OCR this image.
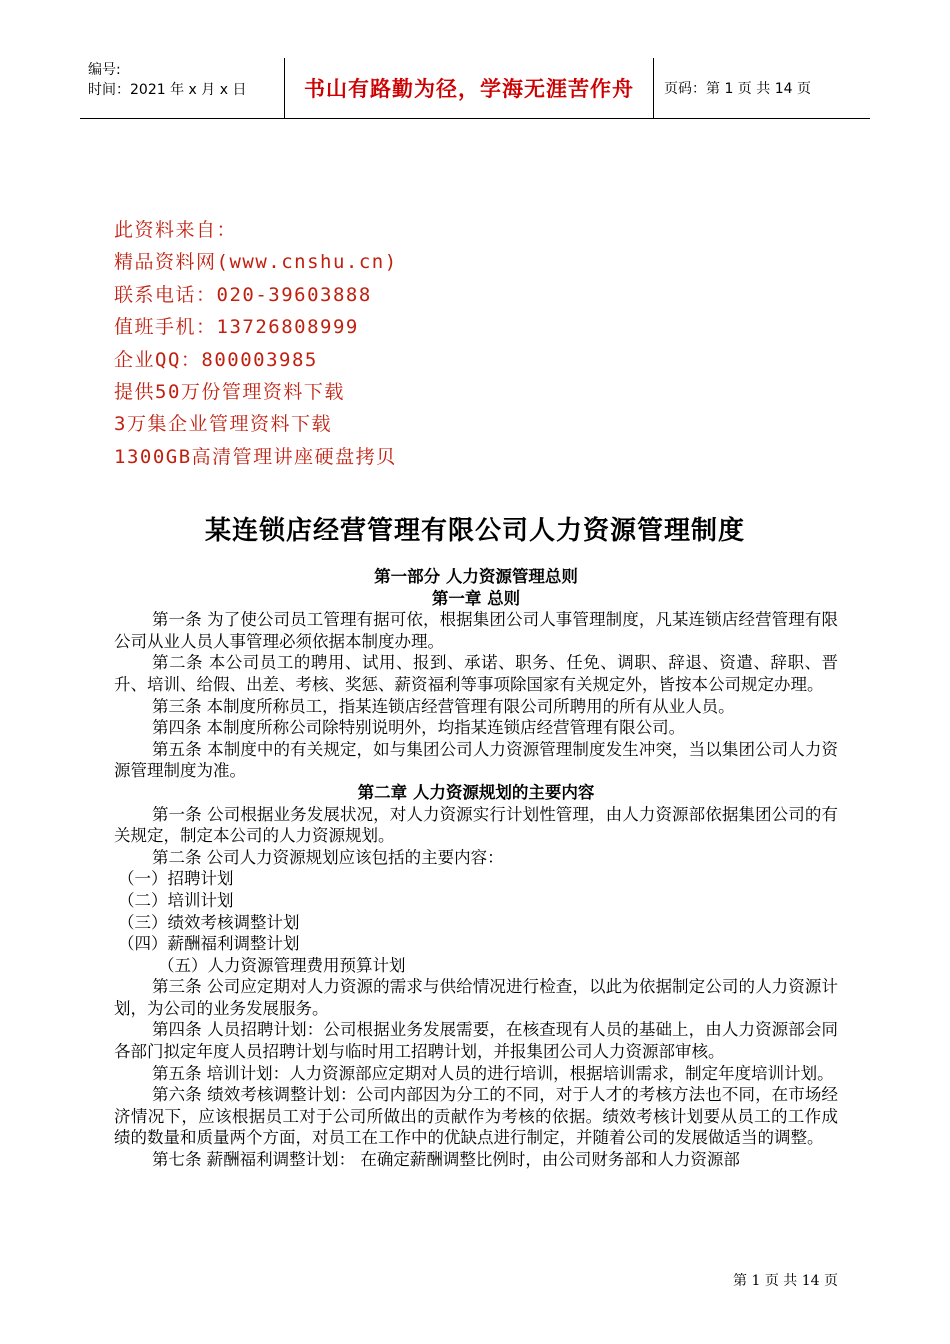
编号:
时间：2021 年 x 月 x 日	书山有路勤为径，学海无涯苦作舟	页码：第 1 页 共 14 页
此资料来自：
精品资料网(www.cnshu.cn)
联系电话：020-39603888
值班手机：13726808999
企业QQ：800003985
提供50万份管理资料下载
3万集企业管理资料下载
1300GB高清管理讲座硬盘拷贝
某连锁店经营管理有限公司人力资源管理制度
第一部分 人力资源管理总则
第一章 总则
第一条 为了使公司员工管理有据可依，根据集团公司人事管理制度，凡某连锁店经营管理有限公司从业人员人事管理必须依据本制度办理。
第二条 本公司员工的聘用、试用、报到、承诺、职务、任免、调职、辞退、资遣、辞职、晋升、培训、给假、出差、考核、奖惩、薪资福利等事项除国家有关规定外，皆按本公司规定办理。
第三条 本制度所称员工，指某连锁店经营管理有限公司所聘用的所有从业人员。
第四条 本制度所称公司除特别说明外，均指某连锁店经营管理有限公司。
第五条 本制度中的有关规定，如与集团公司人力资源管理制度发生冲突，当以集团公司人力资源管理制度为准。
第二章 人力资源规划的主要内容
第一条 公司根据业务发展状况，对人力资源实行计划性管理，由人力资源部依据集团公司的有关规定，制定本公司的人力资源规划。
第二条 公司人力资源规划应该包括的主要内容：
（一）招聘计划
（二）培训计划
（三）绩效考核调整计划
（四）薪酬福利调整计划
（五）人力资源管理费用预算计划
第三条 公司应定期对人力资源的需求与供给情况进行检查，以此为依据制定公司的人力资源计划，为公司的业务发展服务。
第四条 人员招聘计划：公司根据业务发展需要，在核查现有人员的基础上，由人力资源部会同各部门拟定年度人员招聘计划与临时用工招聘计划，并报集团公司人力资源部审核。
第五条 培训计划：人力资源部应定期对人员的进行培训，根据培训需求，制定年度培训计划。
第六条 绩效考核调整计划：公司内部因为分工的不同，对于人才的考核方法也不同，在市场经济情况下，应该根据员工对于公司所做出的贡献作为考核的依据。绩效考核计划要从员工的工作成绩的数量和质量两个方面，对员工在工作中的优缺点进行制定，并随着公司的发展做适当的调整。
第七条 薪酬福利调整计划： 在确定薪酬调整比例时，由公司财务部和人力资源部
第 1 页 共 14 页
